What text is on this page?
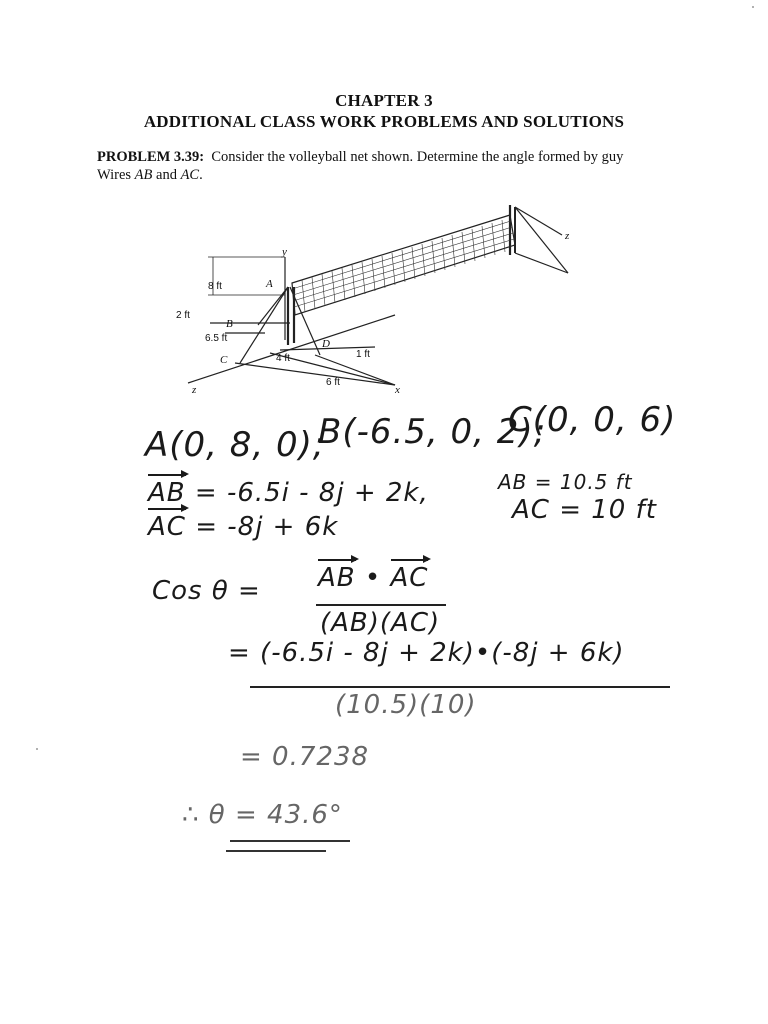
CHAPTER 3
ADDITIONAL CLASS WORK PROBLEMS AND SOLUTIONS
PROBLEM 3.39: Consider the volleyball net shown. Determine the angle formed by guy
Wires AB and AC.
y
z
A
B
C
D
x
z
8 ft
2 ft
6.5 ft
4 ft	1 ft
6 ft
A(0, 8, 0);
B(-6.5, 0, 2);
C(0, 0, 6)
AB = -6.5i - 8j + 2k,	AB = 10.5 ft
AC = -8j + 6k
AC = 10 ft
Cos θ = AB • AC
(AB)(AC)
= (-6.5i - 8j + 2k)•(-8j + 6k)
(10.5)(10)
= 0.7238
∴ θ = 43.6°
